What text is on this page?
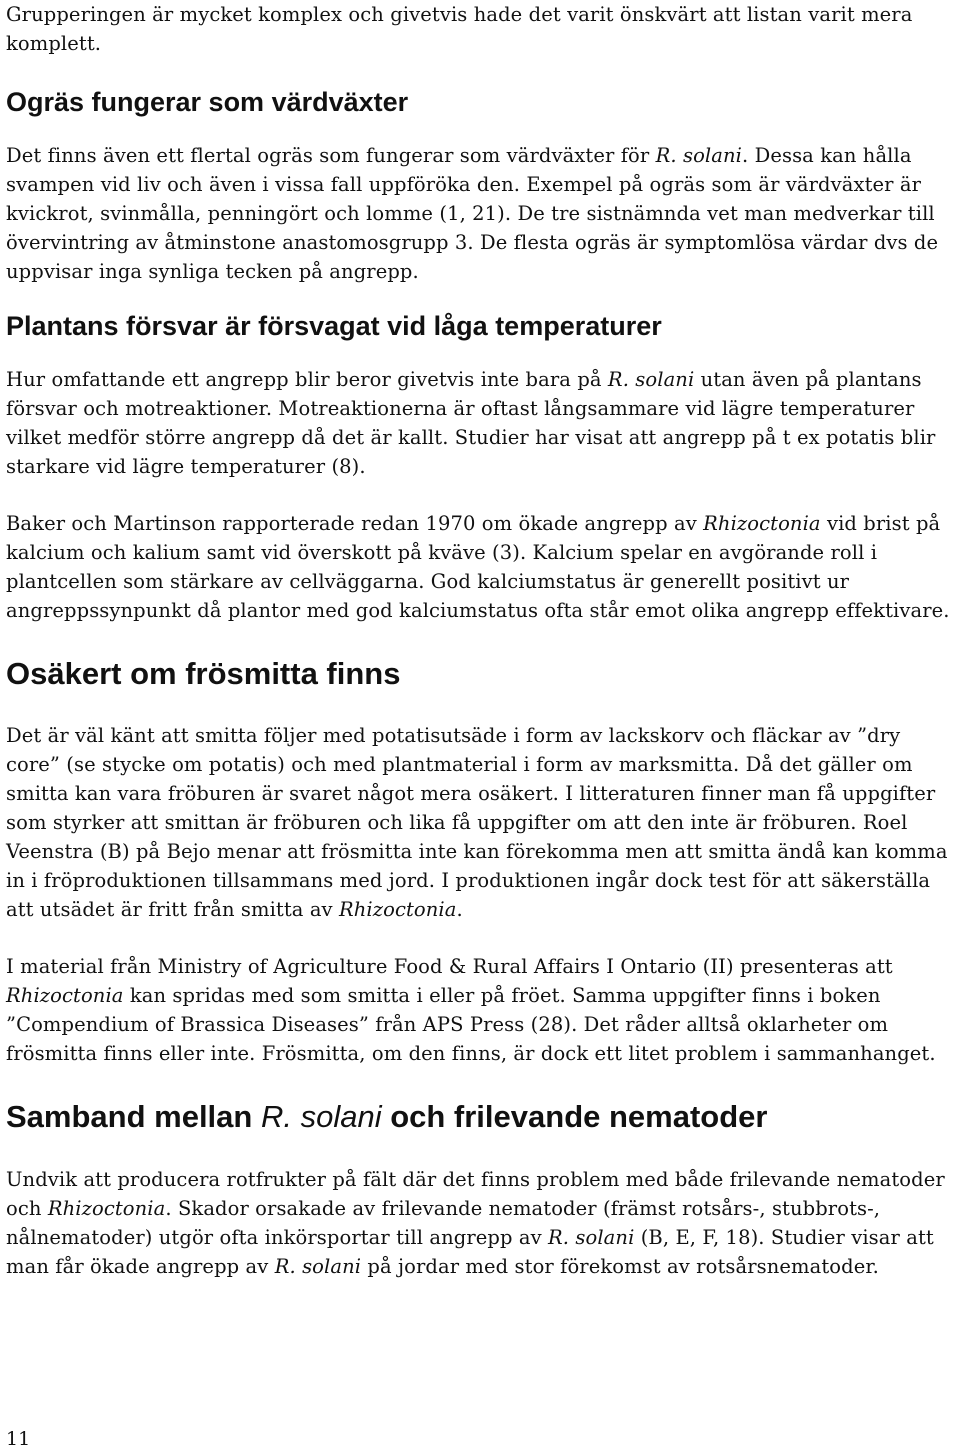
Grupperingen är mycket komplex och givetvis hade det varit önskvärt att listan varit mera komplett.

Ogräs fungerar som värdväxter

Det finns även ett flertal ogräs som fungerar som värdväxter för R. solani. Dessa kan hålla svampen vid liv och även i vissa fall uppföröka den. Exempel på ogräs som är värdväxter är kvickrot, svinmålla, penningört och lomme (1, 21). De tre sistnämnda vet man medverkar till övervintring av åtminstone anastomosgrupp 3. De flesta ogräs är symptomlösa värdar dvs de uppvisar inga synliga tecken på angrepp.

Plantans försvar är försvagat vid låga temperaturer

Hur omfattande ett angrepp blir beror givetvis inte bara på R. solani utan även på plantans försvar och motreaktioner. Motreaktionerna är oftast långsammare vid lägre temperaturer vilket medför större angrepp då det är kallt. Studier har visat att angrepp på t ex potatis blir starkare vid lägre temperaturer (8).

Baker och Martinson rapporterade redan 1970 om ökade angrepp av Rhizoctonia vid brist på kalcium och kalium samt vid överskott på kväve (3). Kalcium spelar en avgörande roll i plantcellen som stärkare av cellväggarna. God kalciumstatus är generellt positivt ur angreppssynpunkt då plantor med god kalciumstatus ofta står emot olika angrepp effektivare.

Osäkert om frösmitta finns

Det är väl känt att smitta följer med potatisutsäde i form av lackskorv och fläckar av ”dry core” (se stycke om potatis) och med plantmaterial i form av marksmitta. Då det gäller om smitta kan vara fröburen är svaret något mera osäkert. I litteraturen finner man få uppgifter som styrker att smittan är fröburen och lika få uppgifter om att den inte är fröburen. Roel Veenstra (B) på Bejo menar att frösmitta inte kan förekomma men att smitta ändå kan komma in i fröproduktionen tillsammans med jord. I produktionen ingår dock test för att säkerställa att utsädet är fritt från smitta av Rhizoctonia.

I material från Ministry of Agriculture Food & Rural Affairs I Ontario (II) presenteras att Rhizoctonia kan spridas med som smitta i eller på fröet. Samma uppgifter finns i boken ”Compendium of Brassica Diseases” från APS Press (28). Det råder alltså oklarheter om frösmitta finns eller inte. Frösmitta, om den finns, är dock ett litet problem i sammanhanget.

Samband mellan R. solani och frilevande nematoder

Undvik att producera rotfrukter på fält där det finns problem med både frilevande nematoder och Rhizoctonia. Skador orsakade av frilevande nematoder (främst rotsårs-, stubbrots-, nålnematoder) utgör ofta inkörsportar till angrepp av R. solani (B, E, F, 18). Studier visar att man får ökade angrepp av R. solani på jordar med stor förekomst av rotsårsnematoder.

11
